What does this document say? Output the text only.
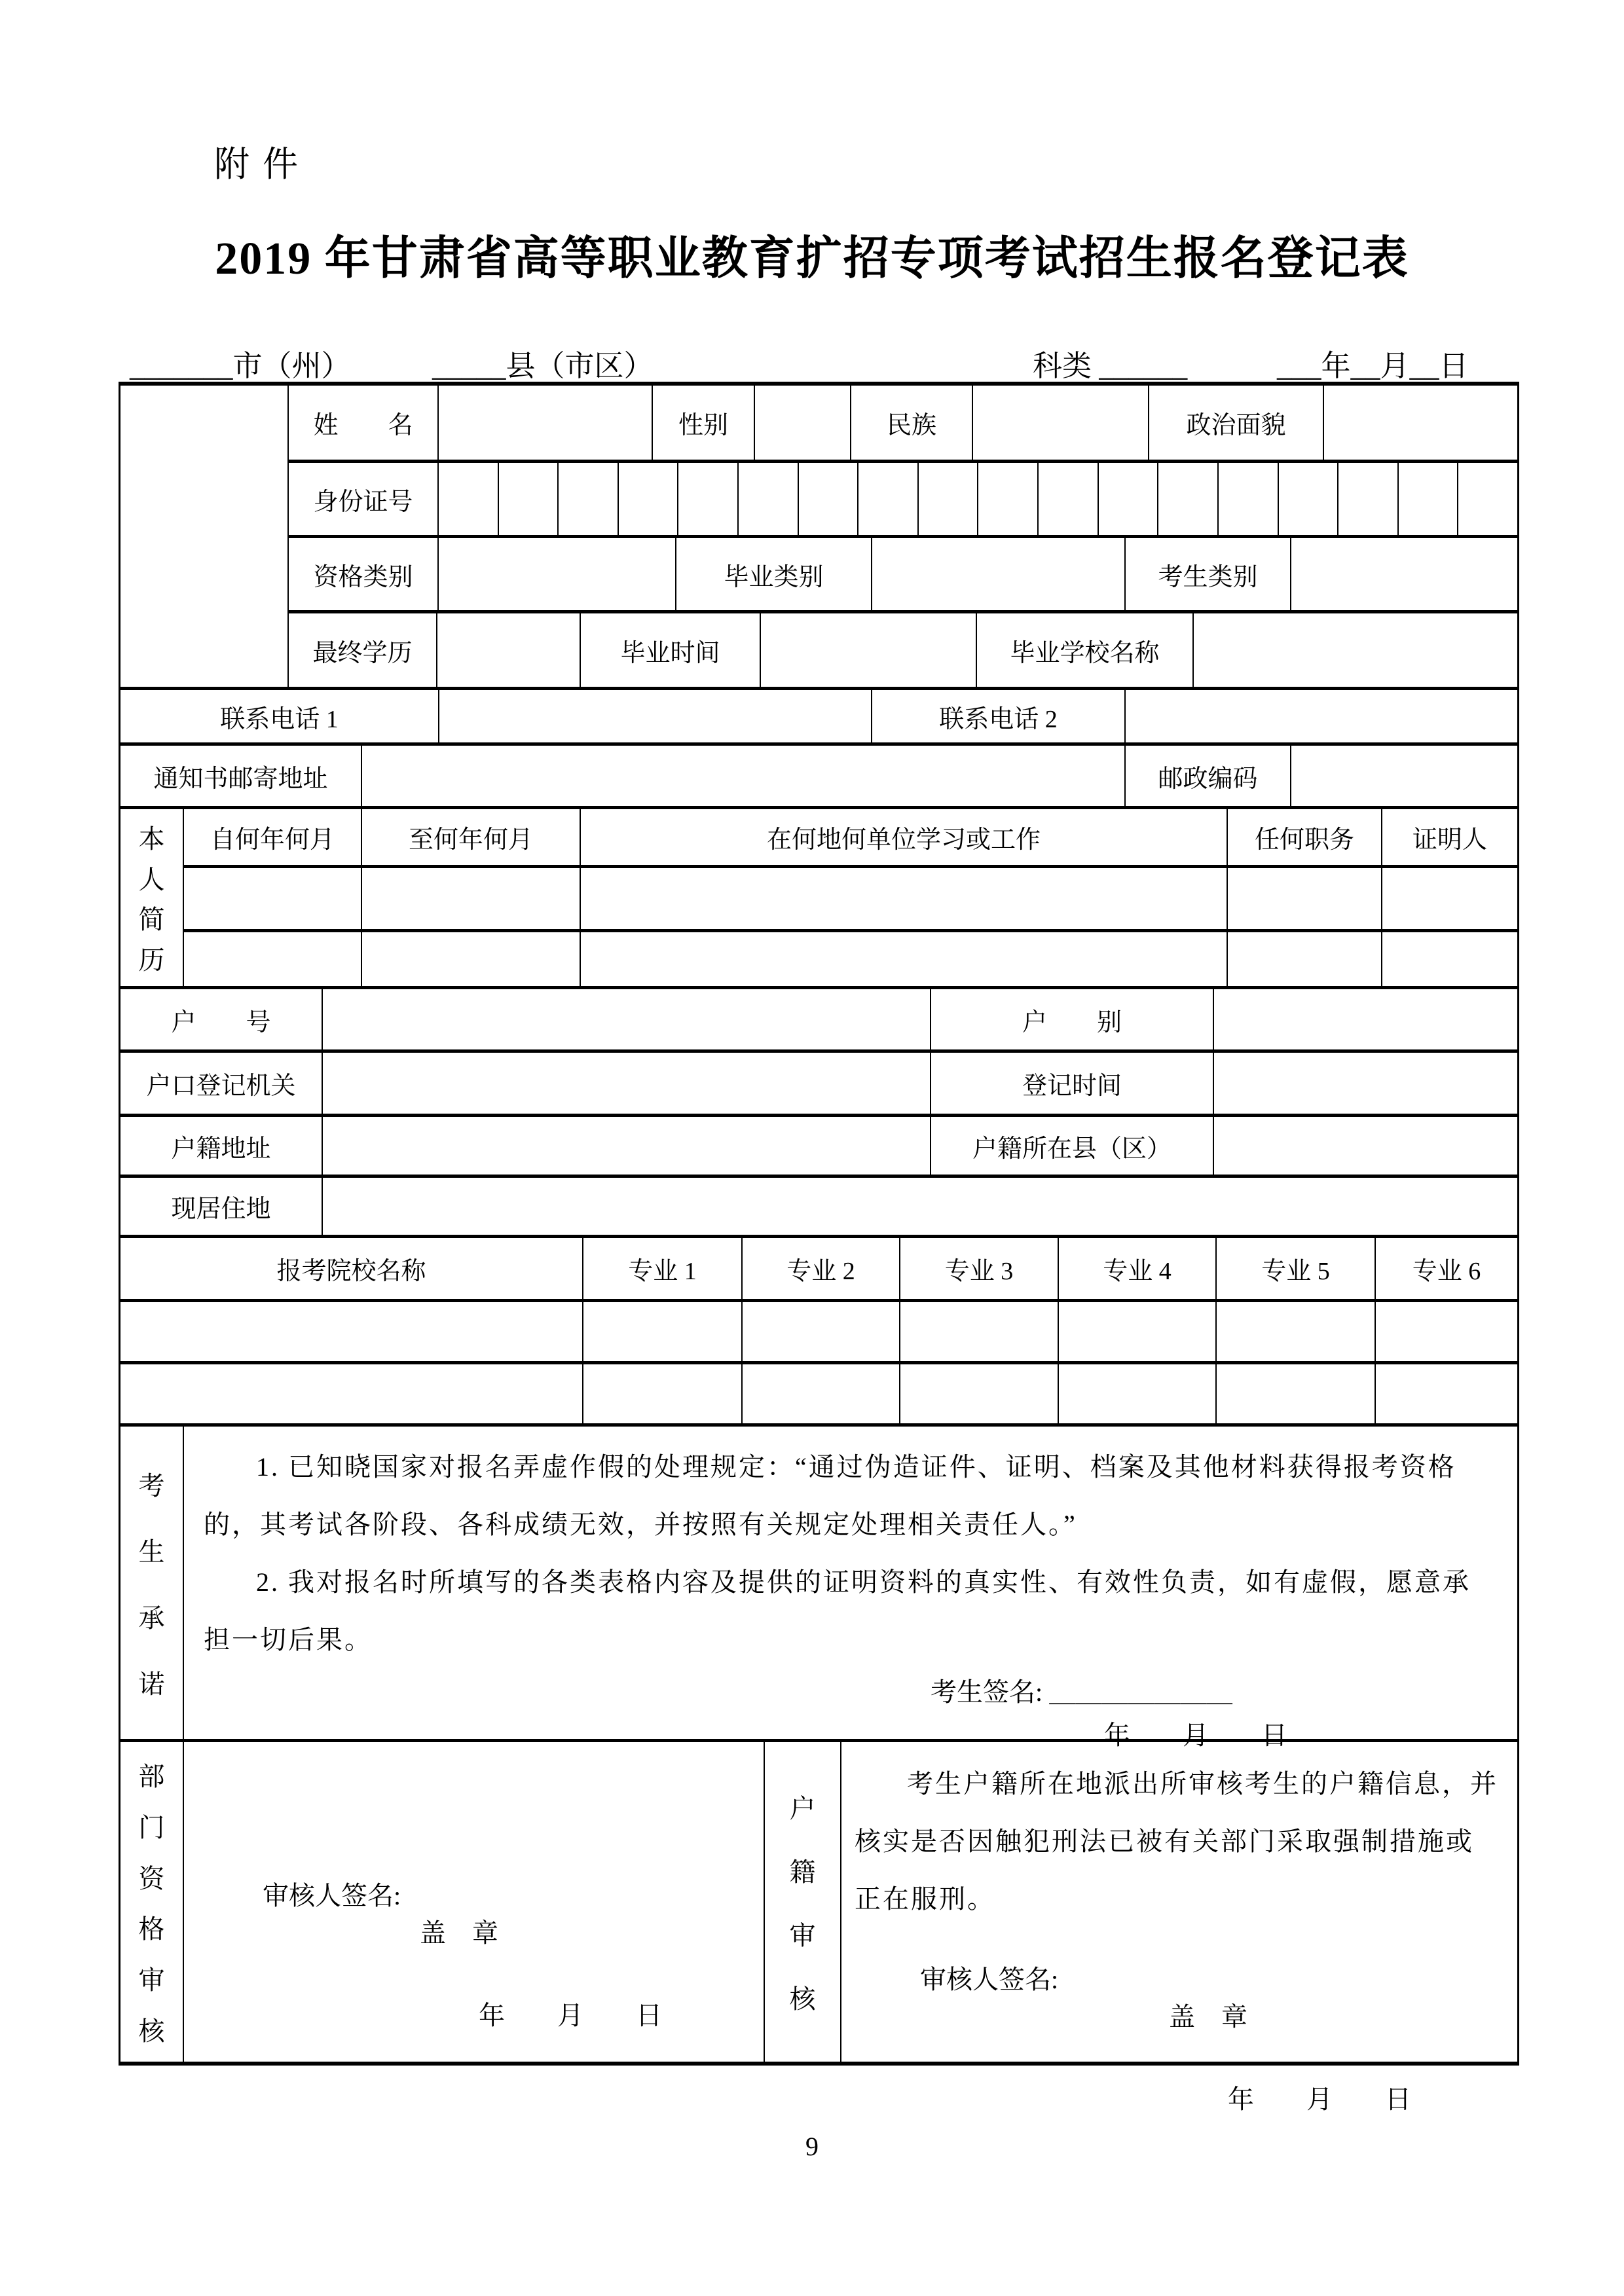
附件
2019 年甘肃省高等职业教育扩招专项考试招生报名登记表
_______市（州）	_____县（市区）	科类 ______	___年__月__日
姓　　名	性别	民族	政治面貌
身份证号
资格类别	毕业类别	考生类别
最终学历	毕业时间	毕业学校名称
联系电话 1	联系电话 2
通知书邮寄地址	邮政编码
本
人
简
历
自何年何月	至何年何月	在何地何单位学习或工作	任何职务	证明人
户　　号	户　　别
户口登记机关	登记时间
户籍地址	户籍所在县（区）
现居住地
报考院校名称	专业 1	专业 2	专业 3	专业 4	专业 5	专业 6
考
生
承
诺

1. 已知晓国家对报名弄虚作假的处理规定：“通过伪造证件、证明、档案及其他材料获得报考资格的，其考试各阶段、各科成绩无效，并按照有关规定处理相关责任人。”

2. 我对报名时所填写的各类表格内容及提供的证明资料的真实性、有效性负责，如有虚假，愿意承担一切后果。

考生签名: ＿＿＿＿＿＿＿
年　　月　　日
部
门
资
格
审
核

审核人签名:
盖　章

年　　月　　日
户
籍
审
核

考生户籍所在地派出所审核考生的户籍信息，并核实是否因触犯刑法已被有关部门采取强制措施或正在服刑。

审核人签名:
盖　章

年　　月　　日
9
